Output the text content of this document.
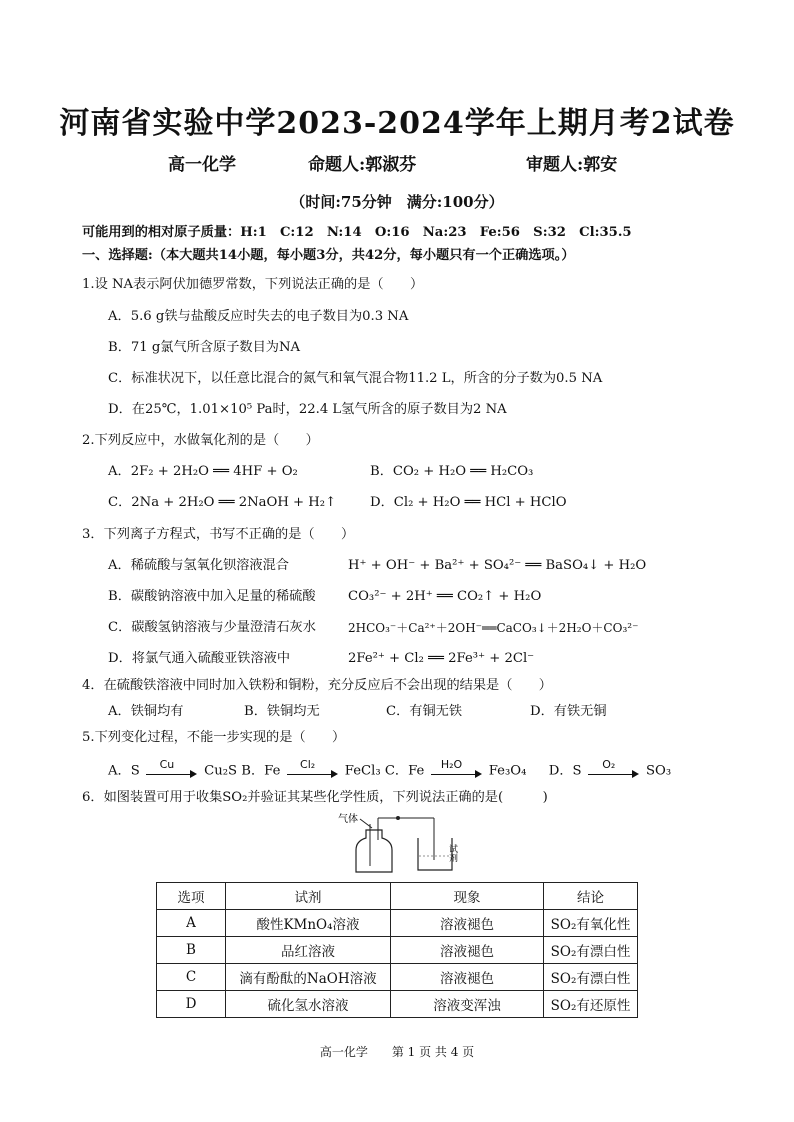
河南省实验中学2023-2024学年上期月考2试卷
高一化学	命题人:郭淑芬	审题人:郭安
（时间:75分钟　满分:100分）
可能用到的相对原子质量：H:1　C:12　N:14　O:16　Na:23　Fe:56　S:32　Cl:35.5
一、选择题:（本大题共14小题，每小题3分，共42分，每小题只有一个正确选项。）
1.设 NA表示阿伏加德罗常数，下列说法正确的是（　　）
A．5.6 g铁与盐酸反应时失去的电子数目为0.3 NA
B．71 g氯气所含原子数目为NA
C．标准状况下，以任意比混合的氮气和氧气混合物11.2 L，所含的分子数为0.5 NA
D．在25℃，1.01×10⁵ Pa时，22.4 L氢气所含的原子数目为2 NA
2.下列反应中，水做氧化剂的是（　　）
A．2F₂ + 2H₂O ══ 4HF + O₂	B．CO₂ + H₂O ══ H₂CO₃
C．2Na + 2H₂O ══ 2NaOH + H₂↑	D．Cl₂ + H₂O ══ HCl + HClO
3．下列离子方程式，书写不正确的是（　　）
A．稀硫酸与氢氧化钡溶液混合	H⁺ + OH⁻ + Ba²⁺ + SO₄²⁻ ══ BaSO₄↓ + H₂O
B．碳酸钠溶液中加入足量的稀硫酸 CO₃²⁻ + 2H⁺ ══ CO₂↑ + H₂O
C．碳酸氢钠溶液与少量澄清石灰水	2HCO₃⁻＋Ca²⁺＋2OH⁻══CaCO₃↓＋2H₂O＋CO₃²⁻
D．将氯气通入硫酸亚铁溶液中	2Fe²⁺ + Cl₂ ══ 2Fe³⁺ + 2Cl⁻
4．在硫酸铁溶液中同时加入铁粉和铜粉，充分反应后不会出现的结果是（　　）
A．铁铜均有	B．铁铜均无	C．有铜无铁	D．有铁无铜
5.下列变化过程，不能一步实现的是（　　）
A．S	Cu	Cu₂S B．Fe	Cl₂	FeCl₃ C．Fe	H₂O	Fe₃O₄ D．S	O₂	SO₃
6．如图装置可用于收集SO₂并验证其某些化学性质，下列说法正确的是(　　　)
气体
试剂
选项	试剂	现象	结论
A	酸性KMnO₄溶液	溶液褪色	SO₂有氧化性
B	品红溶液	溶液褪色	SO₂有漂白性
C	滴有酚酞的NaOH溶液	溶液褪色	SO₂有漂白性
D	硫化氢水溶液	溶液变浑浊	SO₂有还原性
高一化学　　第 1 页 共 4 页
